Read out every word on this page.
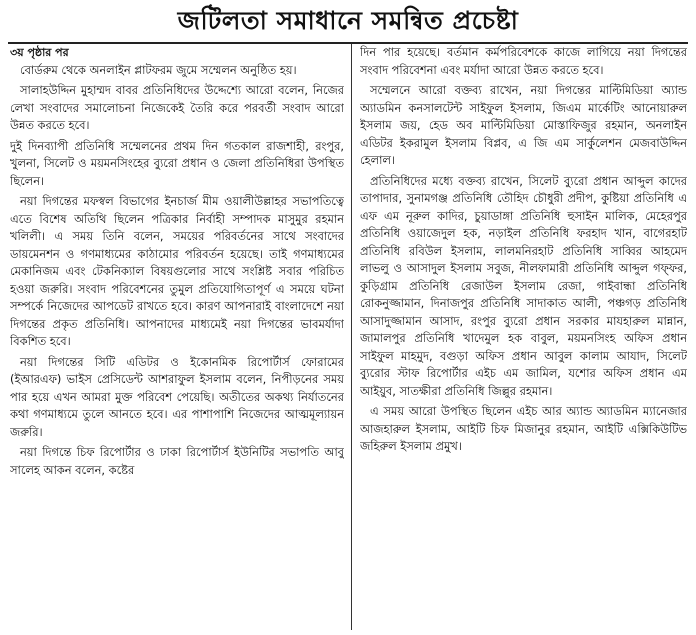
জটিলতা সমাধানে সমন্বিত প্রচেষ্টা
৩য় পৃষ্ঠার পর

বোর্ডরুম থেকে অনলাইন প্লাটফরম জুমে সম্মেলন অনুষ্ঠিত হয়।

সালাহউদ্দিন মুহাম্মদ বাবর প্রতিনিধিদের উদ্দেশ্যে আরো বলেন, নিজের লেখা সংবাদের সমালোচনা নিজেকেই তৈরি করে পরবর্তী সংবাদ আরো উন্নত করতে হবে।

দুই দিনব্যাপী প্রতিনিধি সম্মেলনের প্রথম দিন গতকাল রাজশাহী, রংপুর, খুলনা, সিলেট ও ময়মনসিংহের ব্যুরো প্রধান ও জেলা প্রতিনিধিরা উপস্থিত ছিলেন।

নয়া দিগন্তের মফস্বল বিভাগের ইনচার্জ মীম ওয়ালীউল্লাহর সভাপতিত্বে এতে বিশেষ অতিথি ছিলেন পত্রিকার নির্বাহী সম্পাদক মাসুমুর রহমান খলিলী। এ সময় তিনি বলেন, সময়ের পরিবর্তনের সাথে সংবাদের ডায়মেনশন ও গণমাধ্যমের কাঠামোর পরিবর্তন হয়েছে। তাই গণমাধ্যমের মেকানিজম এবং টেকনিক্যাল বিষয়গুলোর সাথে সংশ্লিষ্ট সবার পরিচিত হওয়া জরুরি। সংবাদ পরিবেশনের তুমুল প্রতিযোগিতাপূর্ণ এ সময়ে ঘটনা সম্পর্কে নিজেদের আপডেট রাখতে হবে। কারণ আপনারাই বাংলাদেশে নয়া দিগন্তের প্রকৃত প্রতিনিধি। আপনাদের মাধ্যমেই নয়া দিগন্তের ভাবমর্যাদা বিকশিত হবে।

নয়া দিগন্তের সিটি এডিটর ও ইকোনমিক রিপোর্টার্স ফোরামের (ইআরএফ) ভাইস প্রেসিডেন্ট আশরাফুল ইসলাম বলেন, নিপীড়নের সময় পার হয়ে এখন আমরা মুক্ত পরিবেশ পেয়েছি। অতীতের অকথ্য নির্যাতনের কথা গণমাধ্যমে তুলে আনতে হবে। এর পাশাপাশি নিজেদের আত্মমূল্যায়ন জরুরি।

নয়া দিগন্তে চিফ রিপোর্টার ও ঢাকা রিপোর্টার্স ইউনিটির সভাপতি আবু সালেহ আকন বলেন, কষ্টের

দিন পার হয়েছে। বর্তমান কর্মপরিবেশকে কাজে লাগিয়ে নয়া দিগন্তের সংবাদ পরিবেশনা এবং মর্যাদা আরো উন্নত করতে হবে।

সম্মেলনে আরো বক্তব্য রাখেন, নয়া দিগন্তের মাল্টিমিডিয়া অ্যান্ড অ্যাডমিন কনসালটেন্ট সাইফুল ইসলাম, জিএম মার্কেটিং আনোয়ারুল ইসলাম জয়, হেড অব মাল্টিমিডিয়া মোস্তাফিজুর রহমান, অনলাইন এডিটর ইকরামুল ইসলাম বিপ্লব, এ জি এম সার্কুলেশন মেজবাউদ্দিন হেলাল।

প্রতিনিধিদের মধ্যে বক্তব্য রাখেন, সিলেট ব্যুরো প্রধান আব্দুল কাদের তাপাদার, সুনামগঞ্জ প্রতিনিধি তৌহিদ চৌধুরী প্রদীপ, কুষ্টিয়া প্রতিনিধি এ এফ এম নূরুল কাদির, চুয়াডাঙ্গা প্রতিনিধি হুসাইন মালিক, মেহেরপুর প্রতিনিধি ওয়াজেদুল হক, নড়াইল প্রতিনিধি ফরহাদ খান, বাগেরহাট প্রতিনিধি রবিউল ইসলাম, লালমনিরহাট প্রতিনিধি সাব্বির আহমেদ লাভলু ও আসাদুল ইসলাম সবুজ, নীলফামারী প্রতিনিধি আব্দুল গফ্ফর, কুড়িগ্রাম প্রতিনিধি রেজাউল ইসলাম রেজা, গাইবান্ধা প্রতিনিধি রোকনুজ্জামান, দিনাজপুর প্রতিনিধি সাদাকাত আলী, পঞ্চগড় প্রতিনিধি আসাদুজ্জামান আসাদ, রংপুর ব্যুরো প্রধান সরকার মাযহারুল মান্নান, জামালপুর প্রতিনিধি খাদেমুল হক বাবুল, ময়মনসিংহ অফিস প্রধান সাইফুল মাহমুদ, বগুড়া অফিস প্রধান আবুল কালাম আযাদ, সিলেট ব্যুরোর স্টাফ রিপোর্টার এইচ এম জামিল, যশোর অফিস প্রধান এম আইয়ুব, সাতক্ষীরা প্রতিনিধি জিল্লুর রহমান।

এ সময় আরো উপস্থিত ছিলেন এইচ আর অ্যান্ড অ্যাডমিন ম্যানেজার আজহারুল ইসলাম, আইটি চিফ মিজানুর রহমান, আইটি এক্সিকিউটিভ জহিরুল ইসলাম প্রমুখ।
